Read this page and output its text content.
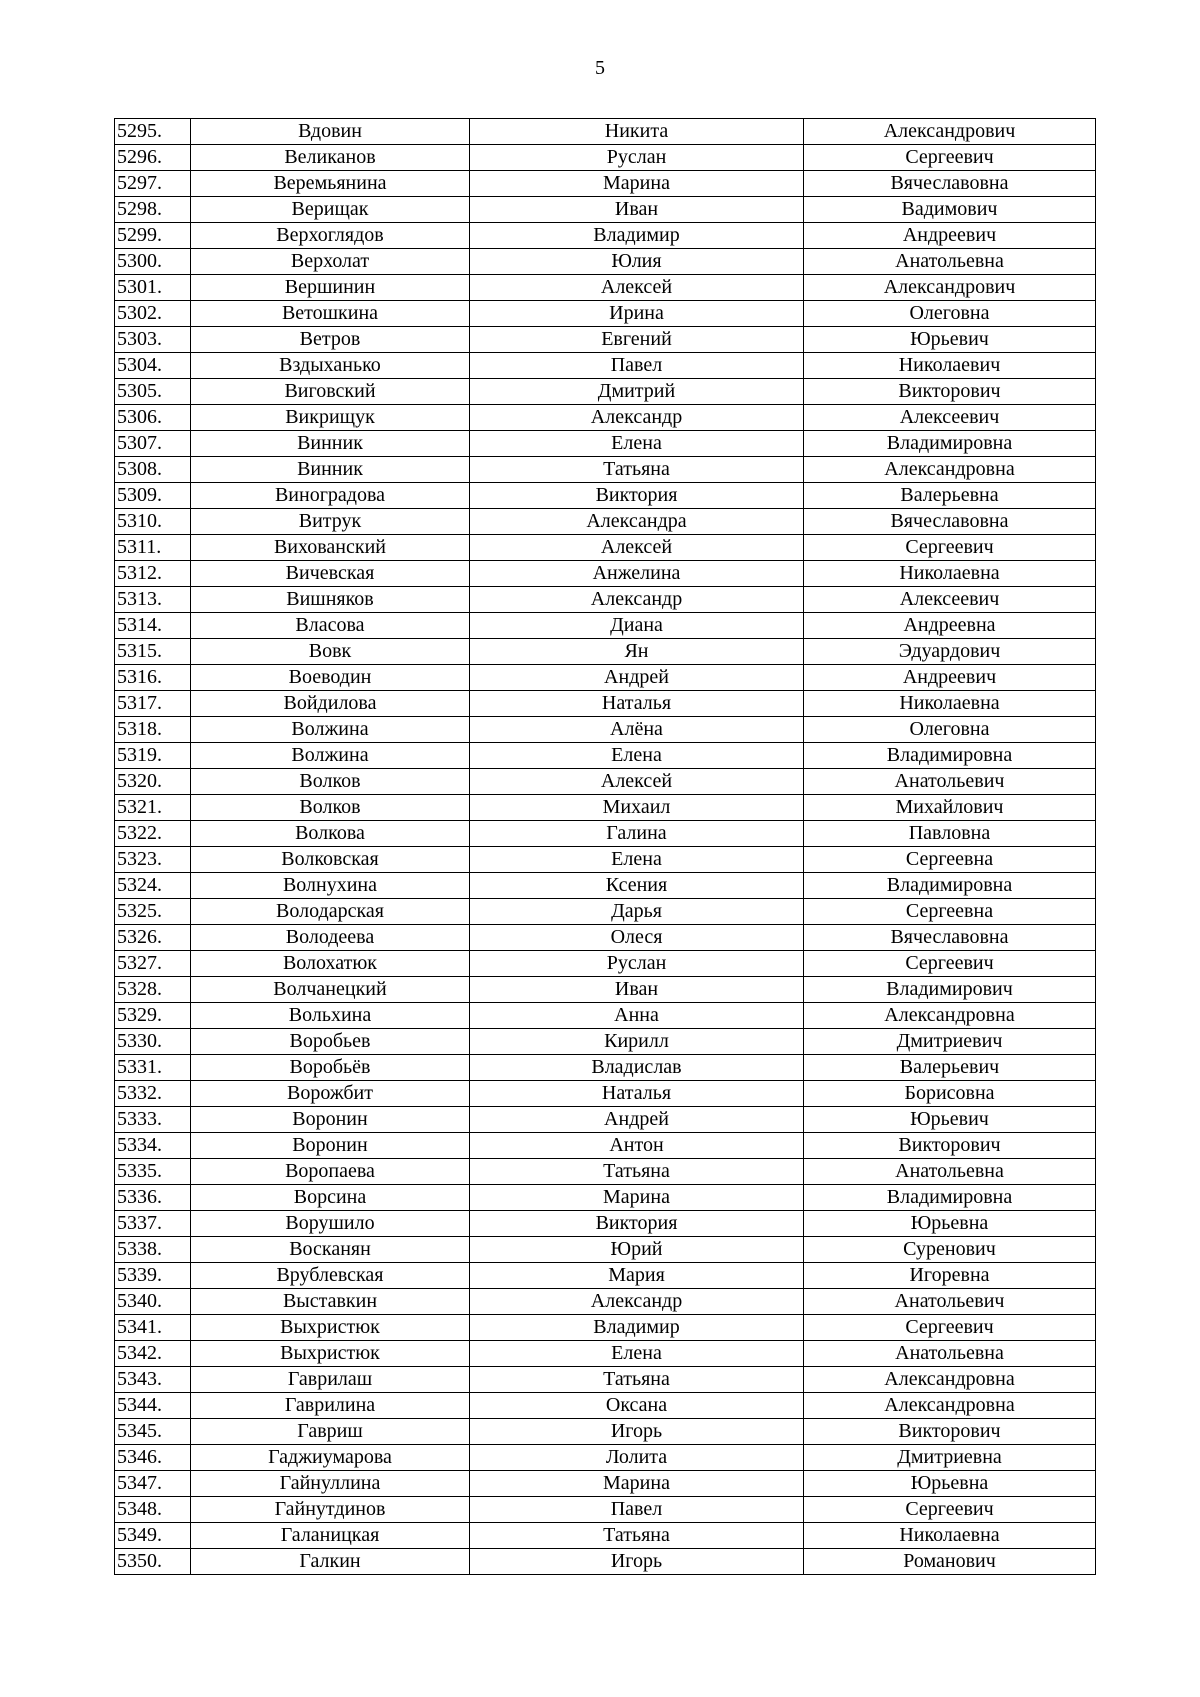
5
5295.	Вдовин	Никита	Александрович
5296.	Великанов	Руслан	Сергеевич
5297.	Веремьянина	Марина	Вячеславовна
5298.	Верищак	Иван	Вадимович
5299.	Верхоглядов	Владимир	Андреевич
5300.	Верхолат	Юлия	Анатольевна
5301.	Вершинин	Алексей	Александрович
5302.	Ветошкина	Ирина	Олеговна
5303.	Ветров	Евгений	Юрьевич
5304.	Вздыханько	Павел	Николаевич
5305.	Виговский	Дмитрий	Викторович
5306.	Викрищук	Александр	Алексеевич
5307.	Винник	Елена	Владимировна
5308.	Винник	Татьяна	Александровна
5309.	Виноградова	Виктория	Валерьевна
5310.	Витрук	Александра	Вячеславовна
5311.	Вихованский	Алексей	Сергеевич
5312.	Вичевская	Анжелина	Николаевна
5313.	Вишняков	Александр	Алексеевич
5314.	Власова	Диана	Андреевна
5315.	Вовк	Ян	Эдуардович
5316.	Воеводин	Андрей	Андреевич
5317.	Войдилова	Наталья	Николаевна
5318.	Волжина	Алёна	Олеговна
5319.	Волжина	Елена	Владимировна
5320.	Волков	Алексей	Анатольевич
5321.	Волков	Михаил	Михайлович
5322.	Волкова	Галина	Павловна
5323.	Волковская	Елена	Сергеевна
5324.	Волнухина	Ксения	Владимировна
5325.	Володарская	Дарья	Сергеевна
5326.	Володеева	Олеся	Вячеславовна
5327.	Волохатюк	Руслан	Сергеевич
5328.	Волчанецкий	Иван	Владимирович
5329.	Вольхина	Анна	Александровна
5330.	Воробьев	Кирилл	Дмитриевич
5331.	Воробьёв	Владислав	Валерьевич
5332.	Ворожбит	Наталья	Борисовна
5333.	Воронин	Андрей	Юрьевич
5334.	Воронин	Антон	Викторович
5335.	Воропаева	Татьяна	Анатольевна
5336.	Ворсина	Марина	Владимировна
5337.	Ворушило	Виктория	Юрьевна
5338.	Восканян	Юрий	Суренович
5339.	Врублевская	Мария	Игоревна
5340.	Выставкин	Александр	Анатольевич
5341.	Выхристюк	Владимир	Сергеевич
5342.	Выхристюк	Елена	Анатольевна
5343.	Гаврилаш	Татьяна	Александровна
5344.	Гаврилина	Оксана	Александровна
5345.	Гавриш	Игорь	Викторович
5346.	Гаджиумарова	Лолита	Дмитриевна
5347.	Гайнуллина	Марина	Юрьевна
5348.	Гайнутдинов	Павел	Сергеевич
5349.	Галаницкая	Татьяна	Николаевна
5350.	Галкин	Игорь	Романович
